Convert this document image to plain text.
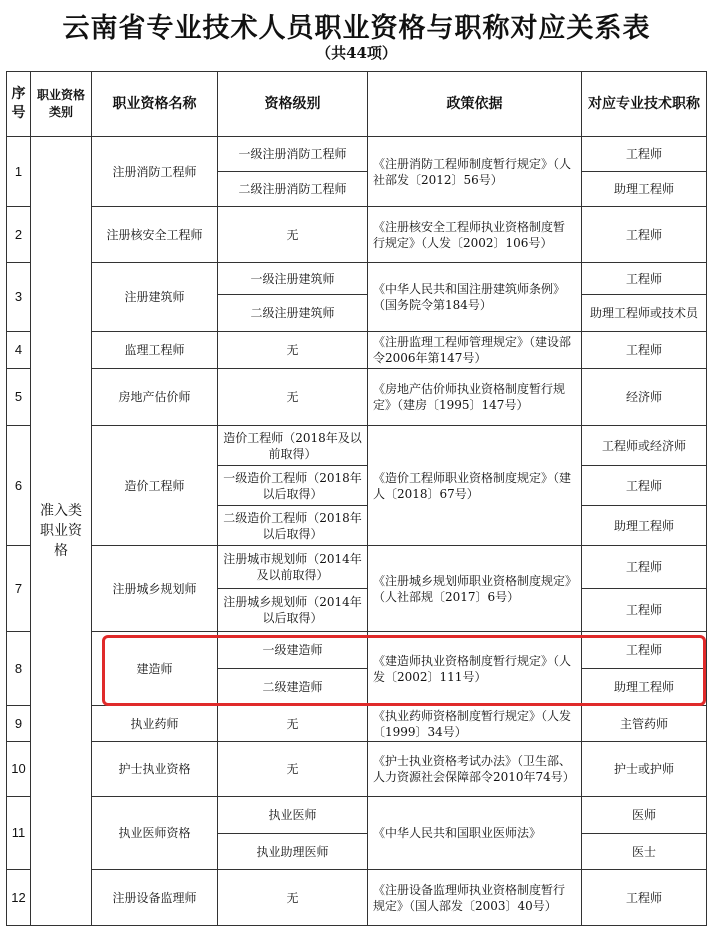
云南省专业技术人员职业资格与职称对应关系表
（共44项）
序号	职业资格类别	职业资格名称	资格级别	政策依据	对应专业技术职称
1	准入类职业资格	注册消防工程师	一级注册消防工程师	《注册消防工程师制度暂行规定》（人社部发〔2012〕56号）	工程师
			二级注册消防工程师		助理工程师
2		注册核安全工程师	无	《注册核安全工程师执业资格制度暂行规定》（人发〔2002〕106号）	工程师
3		注册建筑师	一级注册建筑师	《中华人民共和国注册建筑师条例》（国务院令第184号）	工程师
			二级注册建筑师		助理工程师或技术员
4		监理工程师	无	《注册监理工程师管理规定》（建设部令2006年第147号）	工程师
5		房地产估价师	无	《房地产估价师执业资格制度暂行规定》（建房〔1995〕147号）	经济师
6		造价工程师	造价工程师（2018年及以前取得）	《造价工程师职业资格制度规定》（建人〔2018〕67号）	工程师或经济师
			一级造价工程师（2018年以后取得）		工程师
			二级造价工程师（2018年以后取得）		助理工程师
7		注册城乡规划师	注册城市规划师（2014年及以前取得）	《注册城乡规划师职业资格制度规定》（人社部规〔2017〕6号）	工程师
			注册城乡规划师（2014年以后取得）		工程师
8		建造师	一级建造师	《建造师执业资格制度暂行规定》（人发〔2002〕111号）	工程师
			二级建造师		助理工程师
9		执业药师	无	《执业药师资格制度暂行规定》（人发〔1999〕34号）	主管药师
10		护士执业资格	无	《护士执业资格考试办法》（卫生部、人力资源社会保障部令2010年74号）	护士或护师
11		执业医师资格	执业医师	《中华人民共和国职业医师法》	医师
			执业助理医师		医士
12		注册设备监理师	无	《注册设备监理师执业资格制度暂行规定》（国人部发〔2003〕40号）	工程师
